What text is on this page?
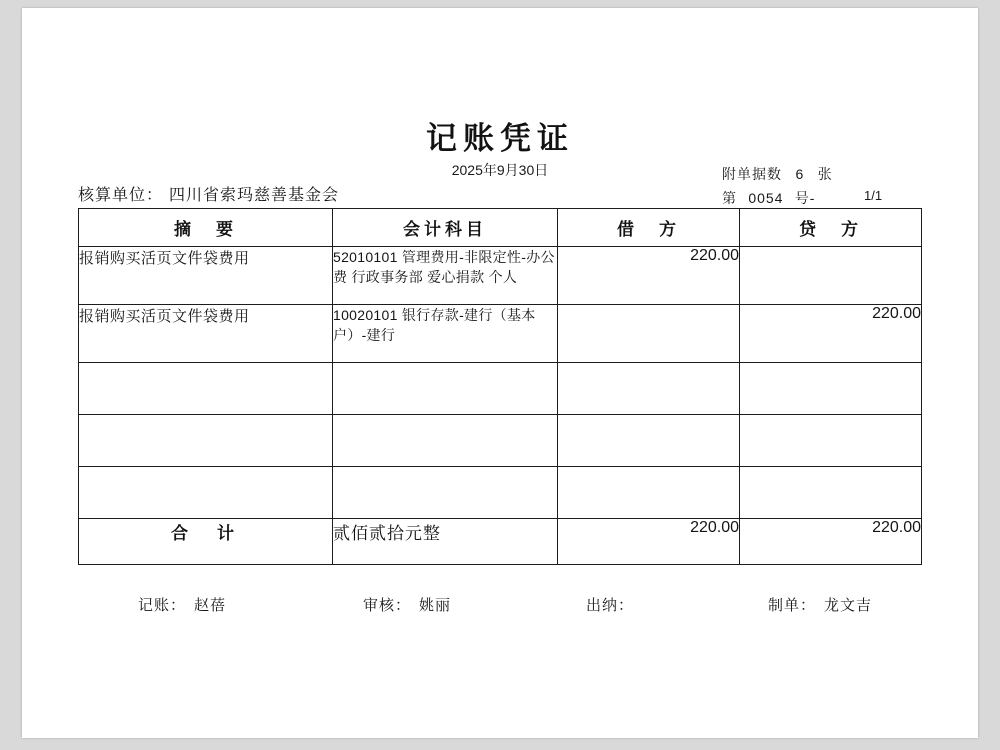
记账凭证
2025年9月30日
核算单位： 四川省索玛慈善基金会
附单据数 6 张
第 0054 号-	1/1
摘　要	会计科目	借　方	贷　方
报销购买活页文件袋费用	52010101 管理费用-非限定性-办公费 行政事务部 爱心捐款 个人	220.00	
报销购买活页文件袋费用	10020101 银行存款-建行（基本户）-建行		220.00

合　计	贰佰贰拾元整	220.00	220.00
记账： 赵蓓	审核： 姚丽	出纳：	制单： 龙文吉
